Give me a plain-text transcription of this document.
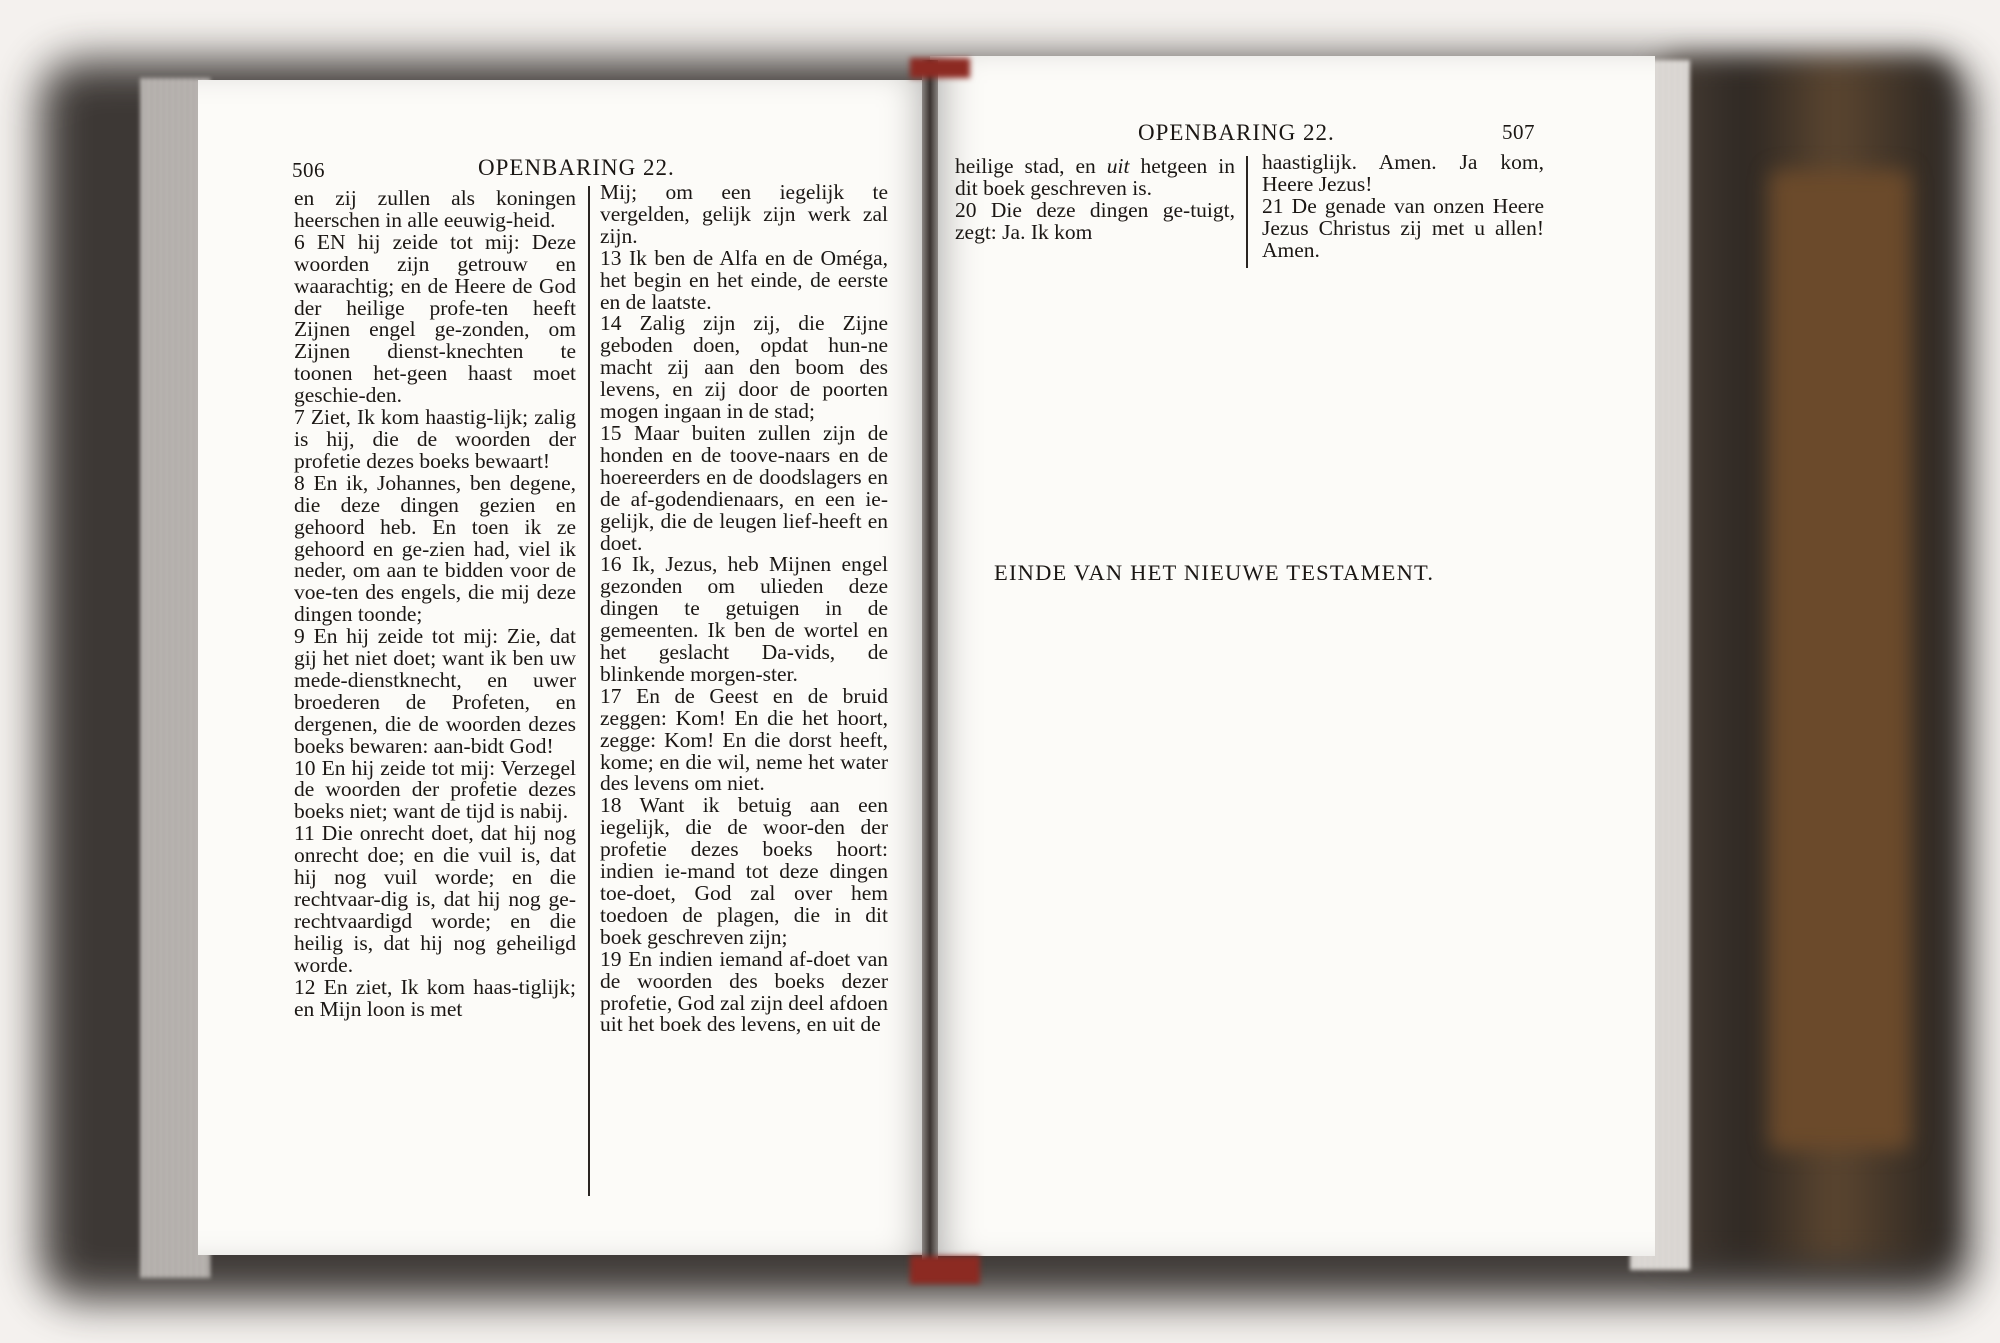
506	OPENBARING 22.

en zij zullen als koningen heerschen in alle eeuwig-heid.

6 EN hij zeide tot mij: Deze woorden zijn getrouw en waarachtig; en de Heere de God der heilige profe-ten heeft Zijnen engel ge-zonden, om Zijnen dienst-knechten te toonen het-geen haast moet geschie-den.

7 Ziet, Ik kom haastig-lijk; zalig is hij, die de woorden der profetie dezes boeks bewaart!

8 En ik, Johannes, ben degene, die deze dingen gezien en gehoord heb. En toen ik ze gehoord en ge-zien had, viel ik neder, om aan te bidden voor de voe-ten des engels, die mij deze dingen toonde;

9 En hij zeide tot mij: Zie, dat gij het niet doet; want ik ben uw mede-dienstknecht, en uwer broederen de Profeten, en dergenen, die de woorden dezes boeks bewaren: aan-bidt God!

10 En hij zeide tot mij: Verzegel de woorden der profetie dezes boeks niet; want de tijd is nabij.

11 Die onrecht doet, dat hij nog onrecht doe; en die vuil is, dat hij nog vuil worde; en die rechtvaar-dig is, dat hij nog ge-rechtvaardigd worde; en die heilig is, dat hij nog geheiligd worde.

12 En ziet, Ik kom haas-tiglijk; en Mijn loon is met

Mij; om een iegelijk te vergelden, gelijk zijn werk zal zijn.

13 Ik ben de Alfa en de Oméga, het begin en het einde, de eerste en de laatste.

14 Zalig zijn zij, die Zijne geboden doen, opdat hun-ne macht zij aan den boom des levens, en zij door de poorten mogen ingaan in de stad;

15 Maar buiten zullen zijn de honden en de toove-naars en de hoereerders en de doodslagers en de af-godendienaars, en een ie-gelijk, die de leugen lief-heeft en doet.

16 Ik, Jezus, heb Mijnen engel gezonden om ulieden deze dingen te getuigen in de gemeenten. Ik ben de wortel en het geslacht Da-vids, de blinkende morgen-ster.

17 En de Geest en de bruid zeggen: Kom! En die het hoort, zegge: Kom! En die dorst heeft, kome; en die wil, neme het water des levens om niet.

18 Want ik betuig aan een iegelijk, die de woor-den der profetie dezes boeks hoort: indien ie-mand tot deze dingen toe-doet, God zal over hem toedoen de plagen, die in dit boek geschreven zijn;

19 En indien iemand af-doet van de woorden des boeks dezer profetie, God zal zijn deel afdoen uit het boek des levens, en uit de

OPENBARING 22.	507

heilige stad, en uit hetgeen in dit boek geschreven is.

20 Die deze dingen ge-tuigt, zegt: Ja. Ik kom

haastiglijk. Amen. Ja kom, Heere Jezus!

21 De genade van onzen Heere Jezus Christus zij met u allen! Amen.

EINDE VAN HET NIEUWE TESTAMENT.
